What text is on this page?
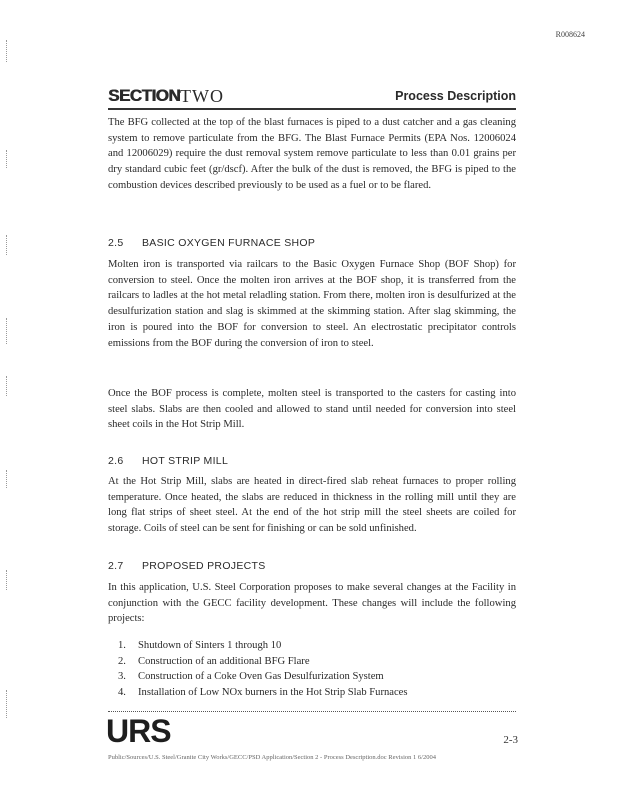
R008624
SECTION TWO	Process Description

The BFG collected at the top of the blast furnaces is piped to a dust catcher and a gas cleaning system to remove particulate from the BFG. The Blast Furnace Permits (EPA Nos. 12006024 and 12006029) require the dust removal system remove particulate to less than 0.01 grains per dry standard cubic feet (gr/dscf). After the bulk of the dust is removed, the BFG is piped to the combustion devices described previously to be used as a fuel or to be flared.

2.5 BASIC OXYGEN FURNACE SHOP

Molten iron is transported via railcars to the Basic Oxygen Furnace Shop (BOF Shop) for conversion to steel. Once the molten iron arrives at the BOF shop, it is transferred from the railcars to ladles at the hot metal reladling station. From there, molten iron is desulfurized at the desulfurization station and slag is skimmed at the skimming station. After slag skimming, the iron is poured into the BOF for conversion to steel. An electrostatic precipitator controls emissions from the BOF during the conversion of iron to steel.

Once the BOF process is complete, molten steel is transported to the casters for casting into steel slabs. Slabs are then cooled and allowed to stand until needed for conversion into steel sheet coils in the Hot Strip Mill.

2.6 HOT STRIP MILL

At the Hot Strip Mill, slabs are heated in direct-fired slab reheat furnaces to proper rolling temperature. Once heated, the slabs are reduced in thickness in the rolling mill until they are long flat strips of sheet steel. At the end of the hot strip mill the steel sheets are coiled for storage. Coils of steel can be sent for finishing or can be sold unfinished.

2.7 PROPOSED PROJECTS

In this application, U.S. Steel Corporation proposes to make several changes at the Facility in conjunction with the GECC facility development. These changes will include the following projects:

1. Shutdown of Sinters 1 through 10
2. Construction of an additional BFG Flare
3. Construction of a Coke Oven Gas Desulfurization System
4. Installation of Low NOx burners in the Hot Strip Slab Furnaces
URS	2-3
Public/Sources/U.S. Steel/Granite City Works/GECC/PSD Application/Section 2 - Process Description.doc Revision 1 6/2004
